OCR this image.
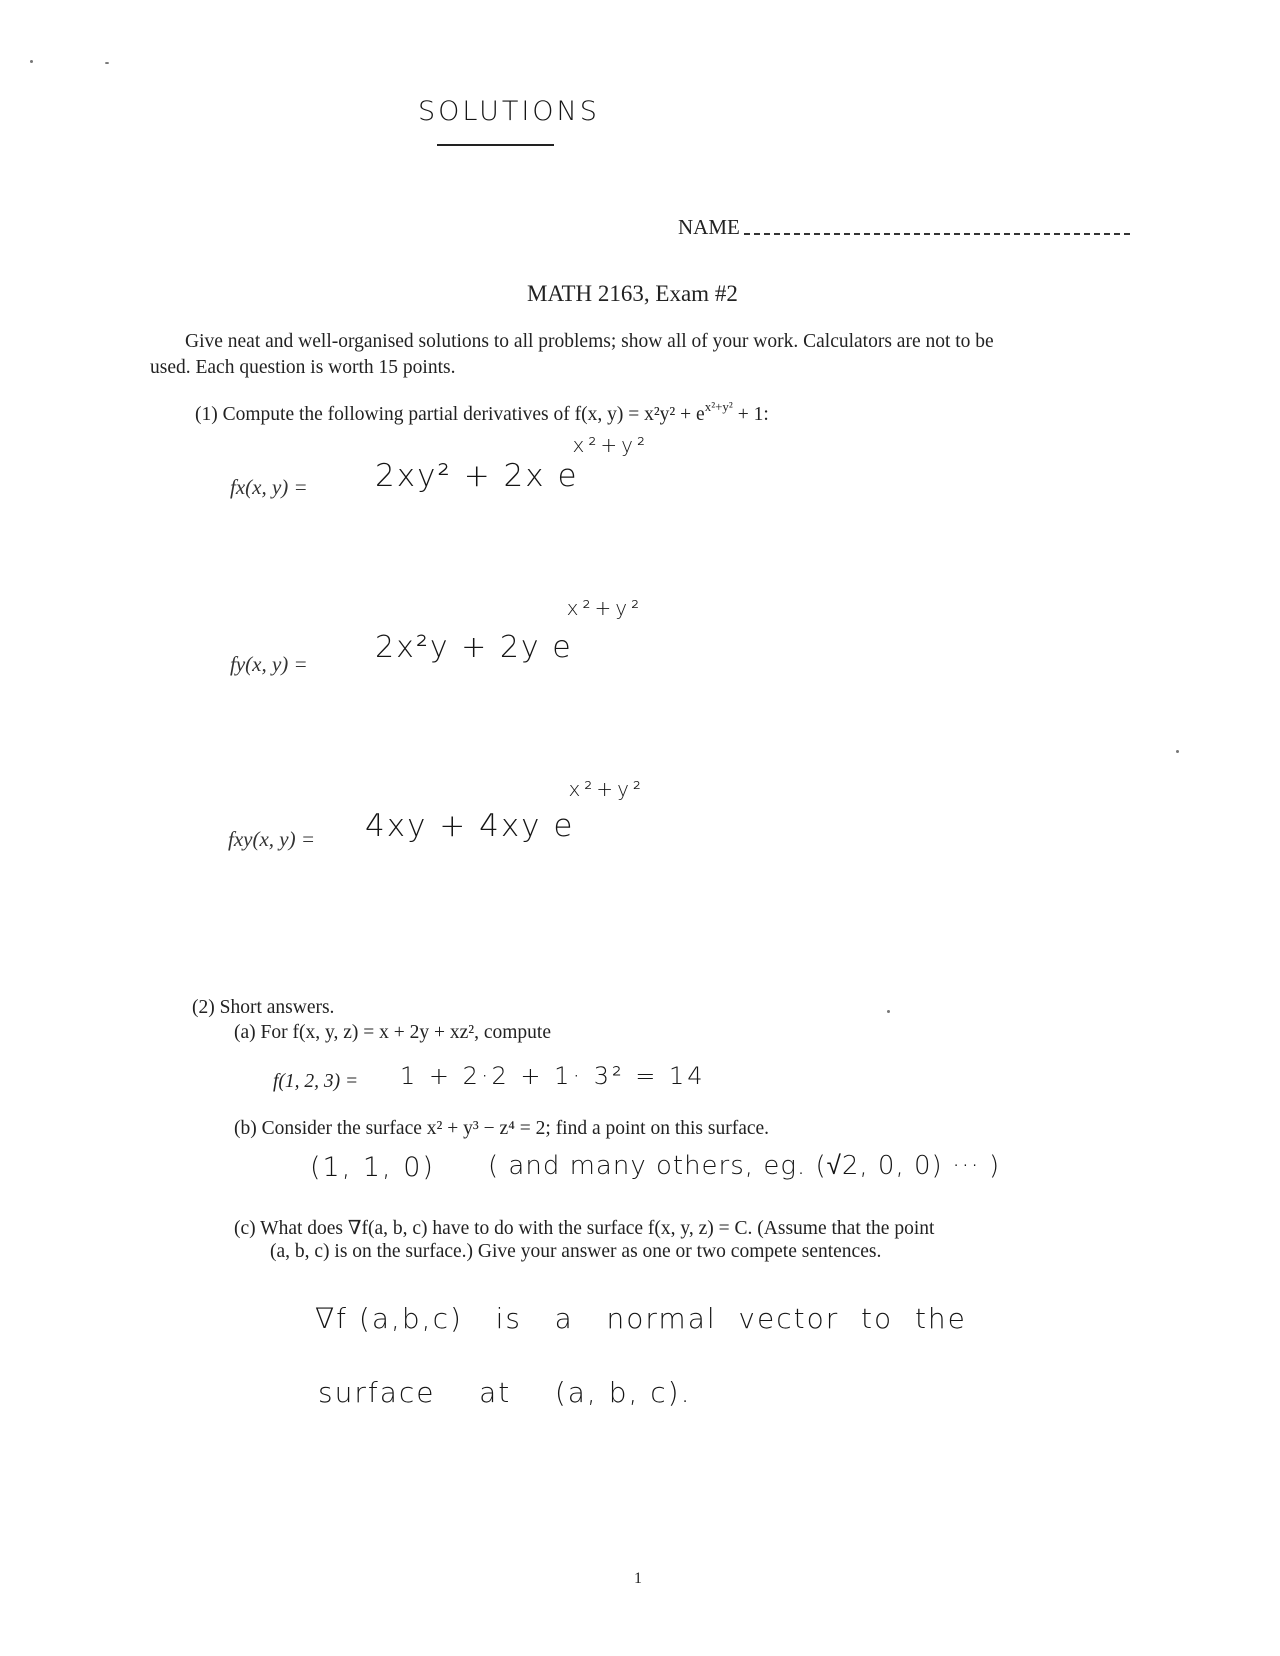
SOLUTIONS
NAME
MATH 2163, Exam #2
Give neat and well-organised solutions to all problems; show all of your work. Calculators are not to be
used. Each question is worth 15 points.
(1) Compute the following partial derivatives of f(x, $y) = x^2y^2 + e^{x^2+y^2} + 1$:
fx(x, y) = 2xy² + 2x $e^{x^2+y^2}$
fy(x, y) = 2x²y + 2y $e^{x^2+y^2}$
fxy(x, y) = 4xy + 4xy $e^{x^2+y^2}$
(2) Short answers.
(a) For f(x, y, z) = x + 2y + xz², compute
f(1, 2, 3) = 1 + 2·2 + 1· 3² = 14
(b) Consider the surface x² + y³ − z⁴ = 2; find a point on this surface.
(1, 1, 0) ( and many others, eg. (√2, 0, 0) ··· )
(c) What does ∇f(a, b, c) have to do with the surface f(x, y, z) = C. (Assume that the point
(a, b, c) is on the surface.) Give your answer as one or two compete sentences.
∇f (a,b,c)   is   a   normal  vector  to  the
surface    at    (a, b, c).
1
